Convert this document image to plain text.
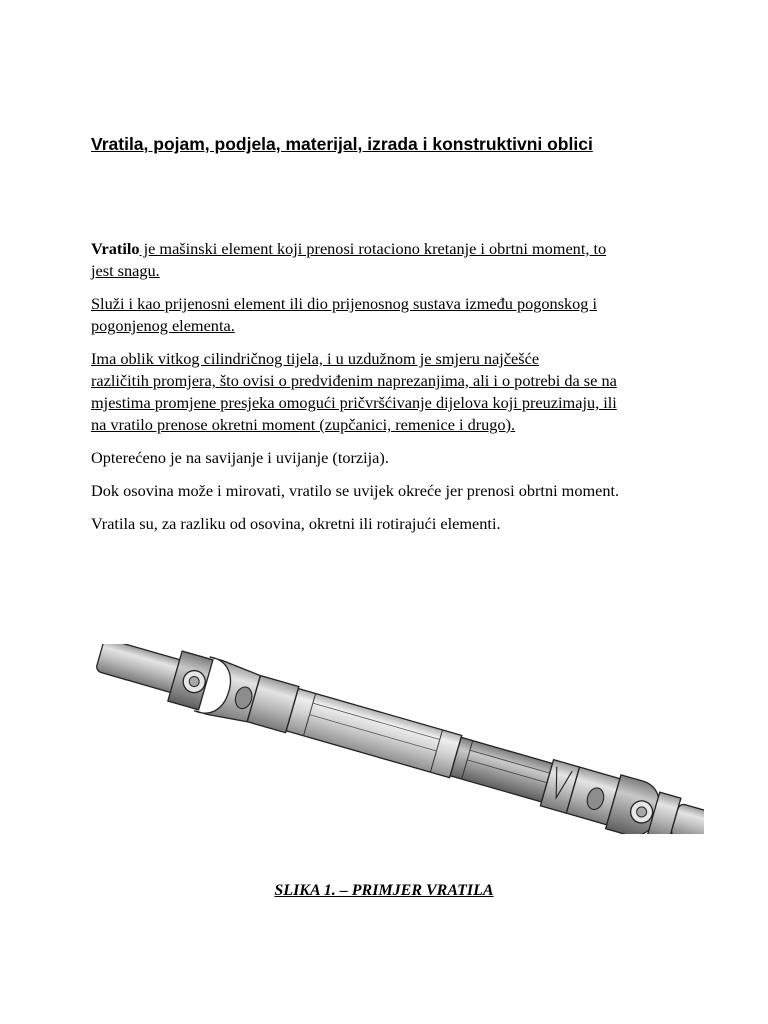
Vratila, pojam, podjela, materijal, izrada i konstruktivni oblici

Vratilo je mašinski element koji prenosi rotaciono kretanje i obrtni moment, to
jest snagu.

Služi i kao prijenosni element ili dio prijenosnog sustava između pogonskog i
pogonjenog elementa.

Ima oblik vitkog cilindričnog tijela, i u uzdužnom je smjeru najčešće
različitih promjera, što ovisi o predviđenim naprezanjima, ali i o potrebi da se na
mjestima promjene presjeka omogući pričvršćivanje dijelova koji preuzimaju, ili
na vratilo prenose okretni moment (zupčanici, remenice i drugo).

Opterećeno je na savijanje i uvijanje (torzija).

Dok osovina može i mirovati, vratilo se uvijek okreće jer prenosi obrtni moment.

Vratila su, za razliku od osovina, okretni ili rotirajući elementi.

SLIKA 1. – PRIMJER VRATILA
